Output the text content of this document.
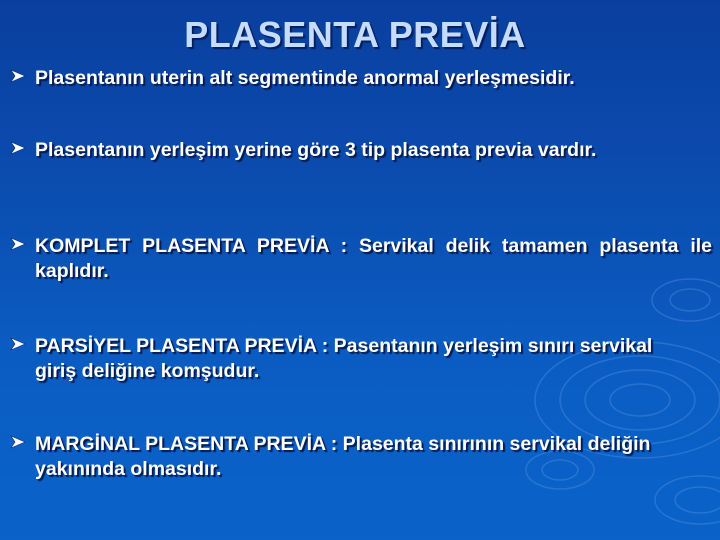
PLASENTA PREVİA
Plasentanın uterin alt segmentinde anormal yerleşmesidir.
Plasentanın yerleşim yerine göre 3 tip plasenta previa vardır.
KOMPLET PLASENTA PREVİA : Servikal delik tamamen plasenta ile kaplıdır.
PARSİYEL PLASENTA PREVİA : Pasentanın yerleşim sınırı servikal giriş deliğine komşudur.
MARGİNAL PLASENTA PREVİA : Plasenta sınırının servikal deliğin yakınında olmasıdır.
